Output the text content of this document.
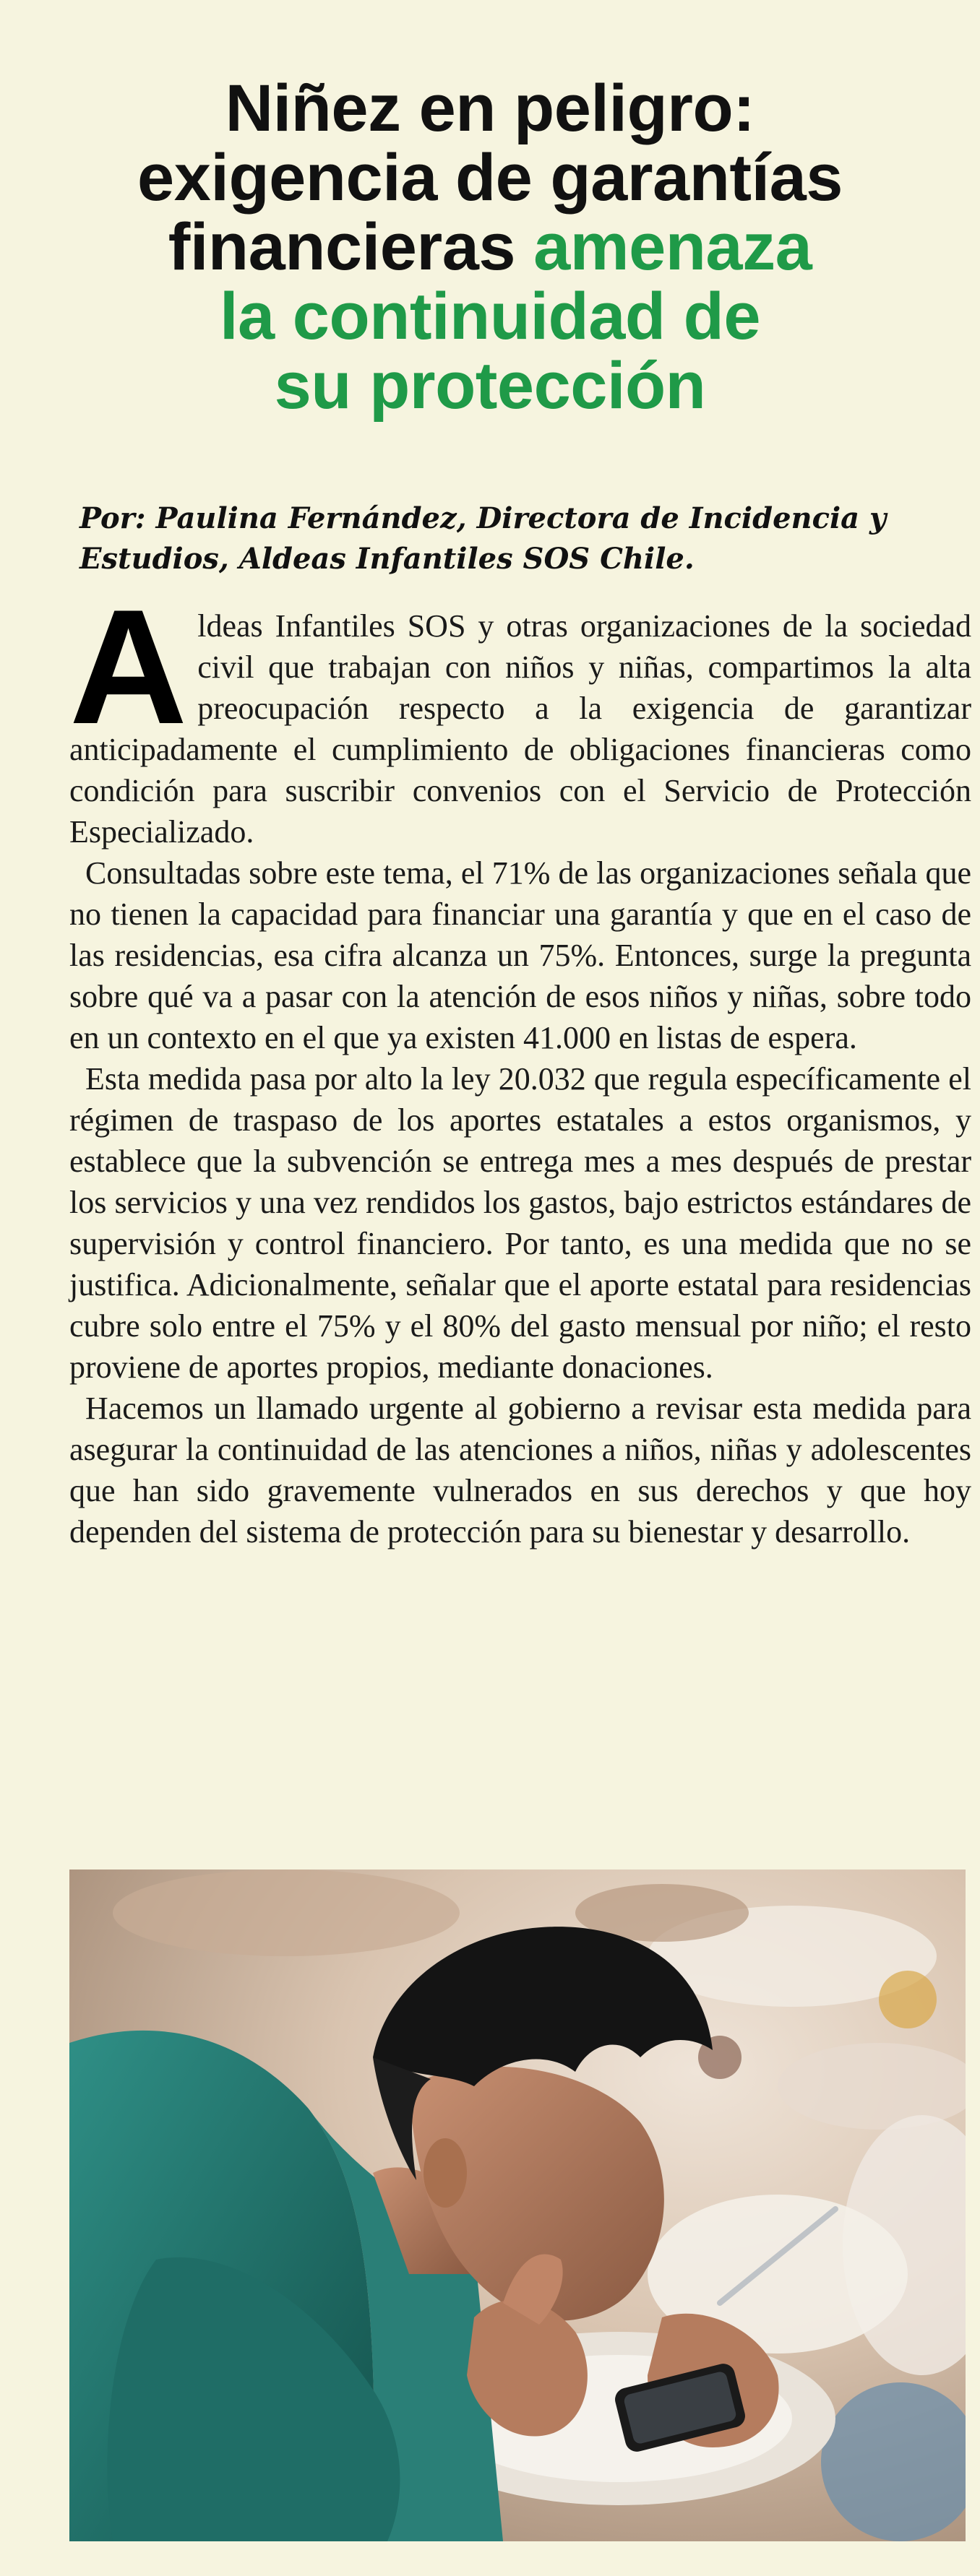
Niñez en peligro:
exigencia de garantías
financieras amenaza
la continuidad de
su protección
Por: Paulina Fernández, Directora de Incidencia y Estudios, Aldeas Infantiles SOS Chile.

Aldeas Infantiles SOS y otras organizaciones de la sociedad civil que trabajan con niños y niñas, compartimos la alta preocupación respecto a la exigencia de garantizar anticipadamente el cumplimiento de obligaciones financieras como condición para suscribir convenios con el Servicio de Protección Especializado.

Consultadas sobre este tema, el 71% de las organizaciones señala que no tienen la capacidad para financiar una garantía y que en el caso de las residencias, esa cifra alcanza un 75%. Entonces, surge la pregunta sobre qué va a pasar con la atención de esos niños y niñas, sobre todo en un contexto en el que ya existen 41.000 en listas de espera.

Esta medida pasa por alto la ley 20.032 que regula específicamente el régimen de traspaso de los aportes estatales a estos organismos, y establece que la subvención se entrega mes a mes después de prestar los servicios y una vez rendidos los gastos, bajo estrictos estándares de supervisión y control financiero. Por tanto, es una medida que no se justifica. Adicionalmente, señalar que el aporte estatal para residencias cubre solo entre el 75% y el 80% del gasto mensual por niño; el resto proviene de aportes propios, mediante donaciones.

Hacemos un llamado urgente al gobierno a revisar esta medida para asegurar la continuidad de las atenciones a niños, niñas y adolescentes que han sido gravemente vulnerados en sus derechos y que hoy dependen del sistema de protección para su bienestar y desarrollo.
